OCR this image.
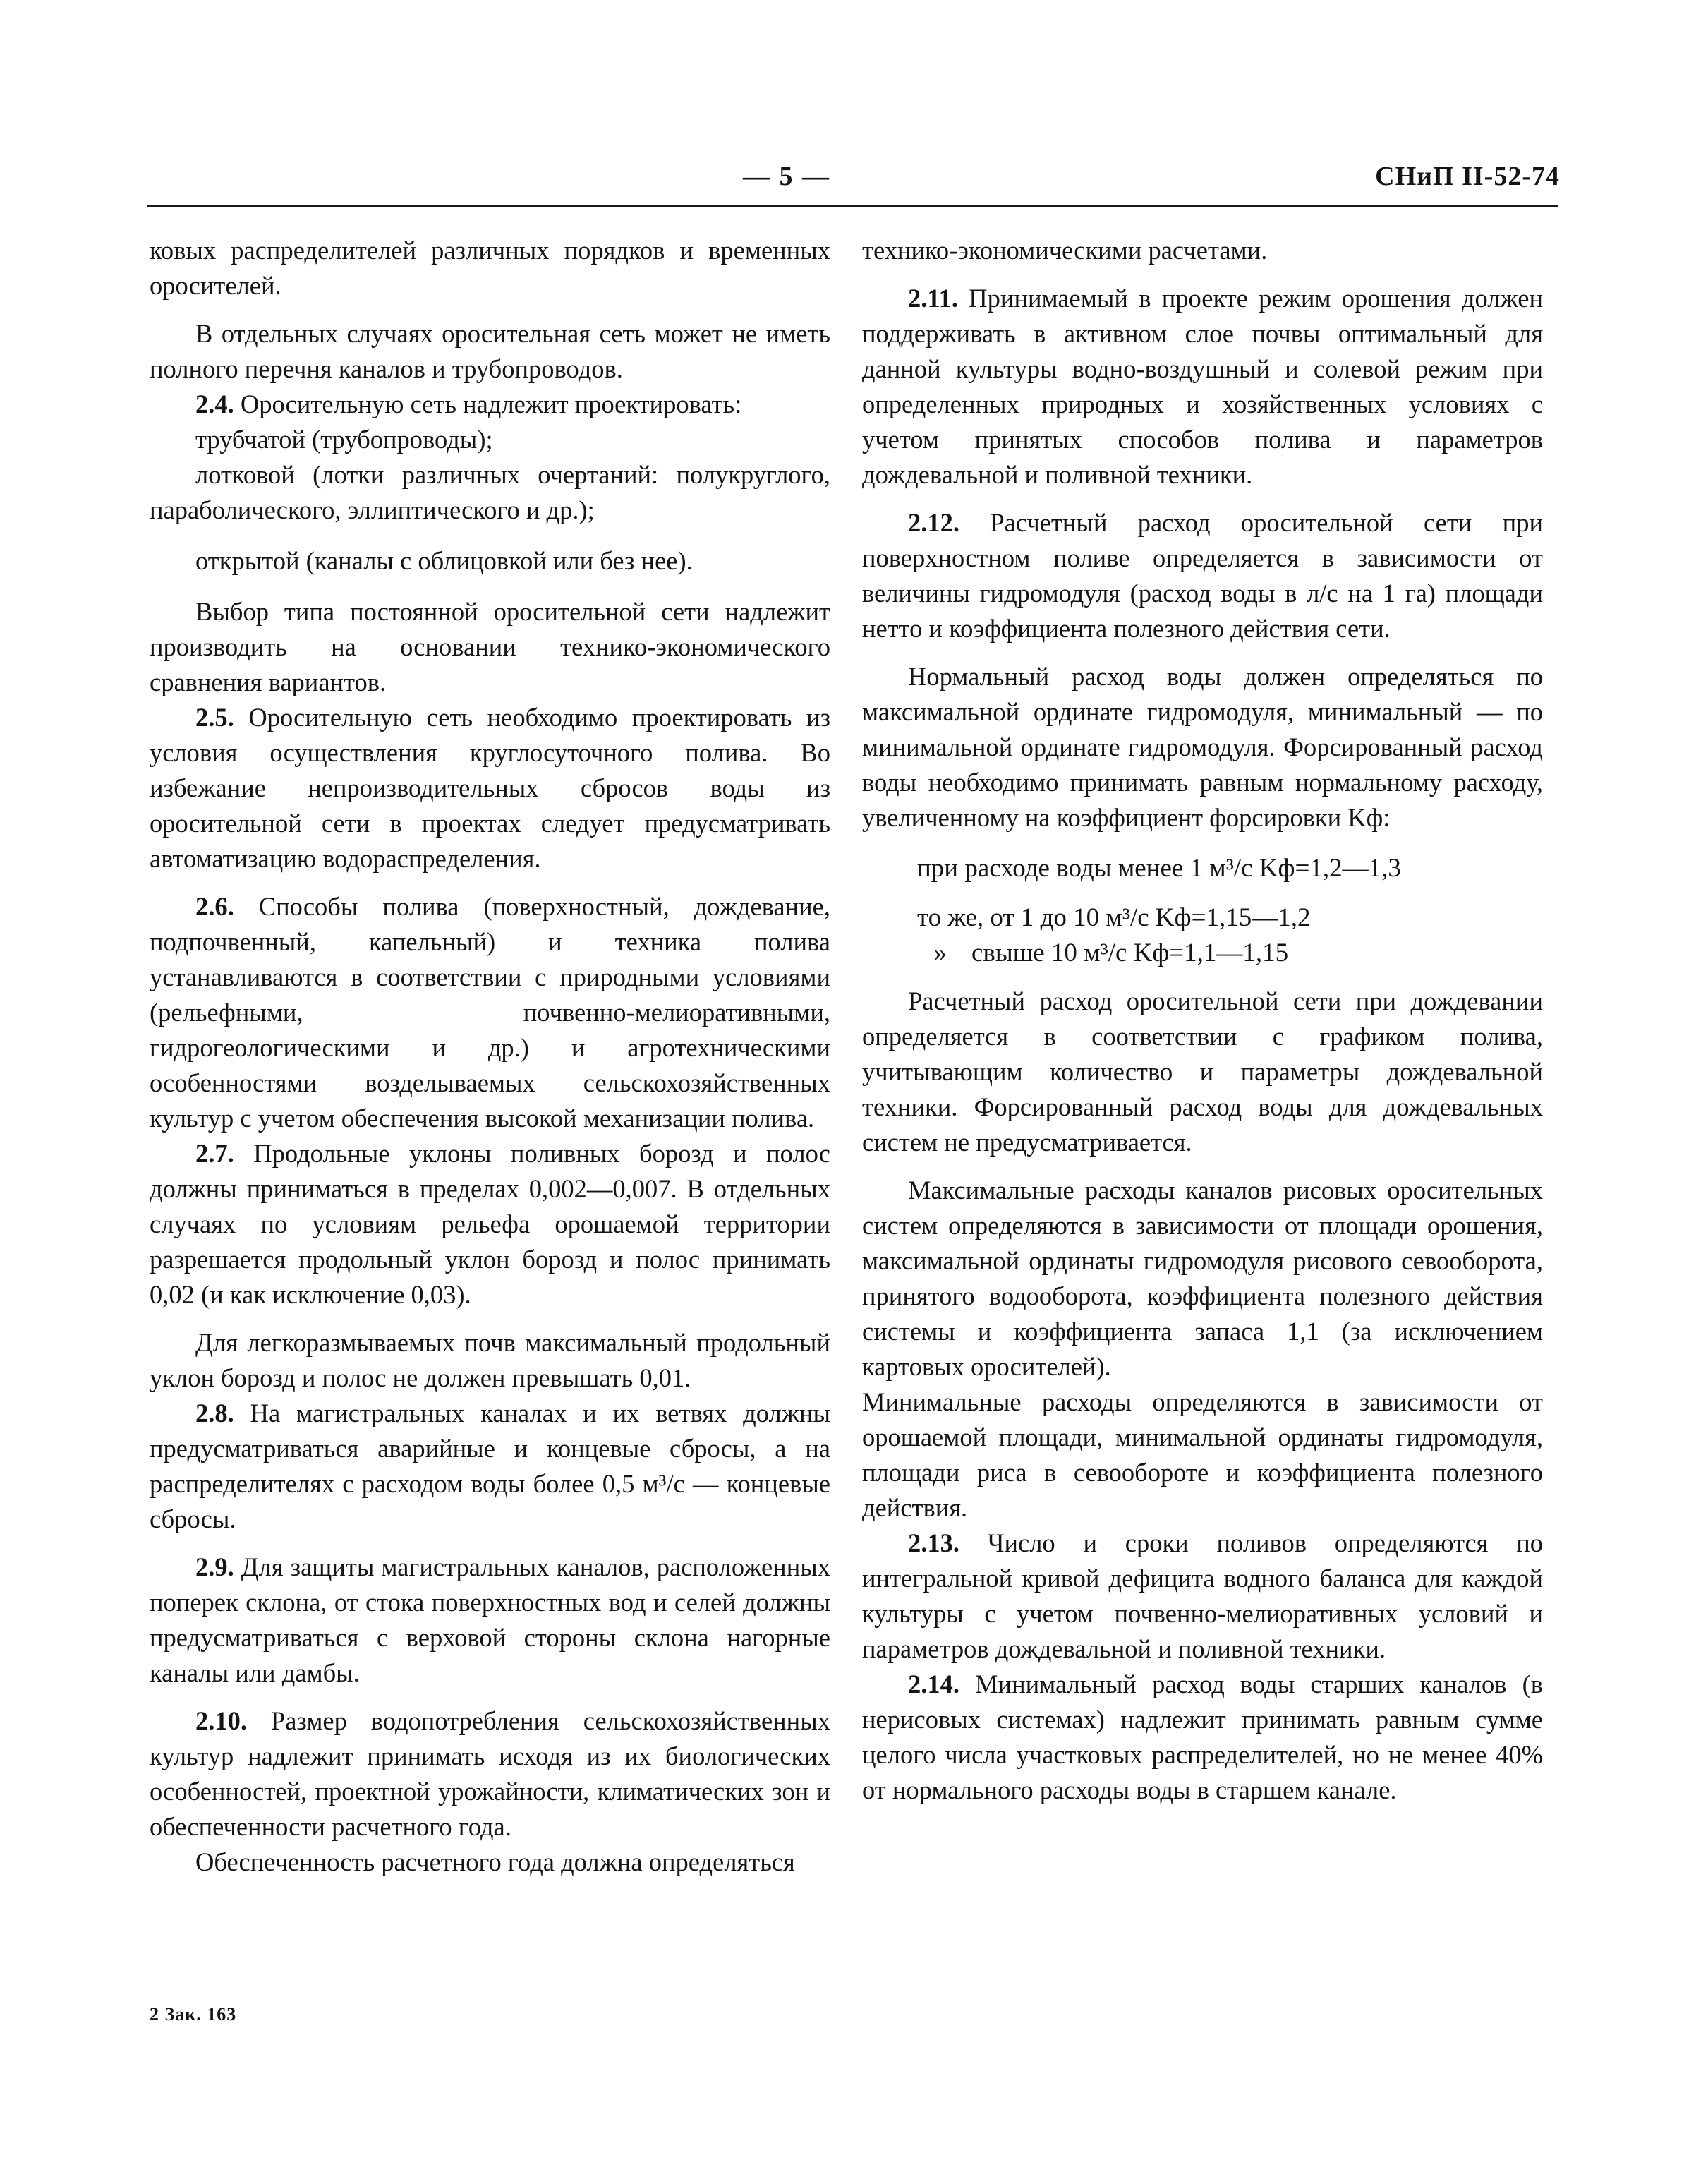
— 5 —	СНиП II-52-74

ковых распределителей различных порядков и временных оросителей.

В отдельных случаях оросительная сеть может не иметь полного перечня каналов и трубопроводов.

2.4. Оросительную сеть надлежит проектировать:

трубчатой (трубопроводы);

лотковой (лотки различных очертаний: полукруглого, параболического, эллиптического и др.);

открытой (каналы с облицовкой или без нее).

Выбор типа постоянной оросительной сети надлежит производить на основании технико-экономического сравнения вариантов.

2.5. Оросительную сеть необходимо проектировать из условия осуществления круглосуточного полива. Во избежание непроизводительных сбросов воды из оросительной сети в проектах следует предусматривать автоматизацию водораспределения.

2.6. Способы полива (поверхностный, дождевание, подпочвенный, капельный) и техника полива устанавливаются в соответствии с природными условиями (рельефными, почвенно-мелиоративными, гидрогеологическими и др.) и агротехническими особенностями возделываемых сельскохозяйственных культур с учетом обеспечения высокой механизации полива.

2.7. Продольные уклоны поливных борозд и полос должны приниматься в пределах 0,002—0,007. В отдельных случаях по условиям рельефа орошаемой территории разрешается продольный уклон борозд и полос принимать 0,02 (и как исключение 0,03).

Для легкоразмываемых почв максимальный продольный уклон борозд и полос не должен превышать 0,01.

2.8. На магистральных каналах и их ветвях должны предусматриваться аварийные и концевые сбросы, а на распределителях с расходом воды более 0,5 м³/с — концевые сбросы.

2.9. Для защиты магистральных каналов, расположенных поперек склона, от стока поверхностных вод и селей должны предусматриваться с верховой стороны склона нагорные каналы или дамбы.

2.10. Размер водопотребления сельскохозяйственных культур надлежит принимать исходя из их биологических особенностей, проектной урожайности, климатических зон и обеспеченности расчетного года.

Обеспеченность расчетного года должна определяться

технико-экономическими расчетами.

2.11. Принимаемый в проекте режим орошения должен поддерживать в активном слое почвы оптимальный для данной культуры водно-воздушный и солевой режим при определенных природных и хозяйственных условиях с учетом принятых способов полива и параметров дождевальной и поливной техники.

2.12. Расчетный расход оросительной сети при поверхностном поливе определяется в зависимости от величины гидромодуля (расход воды в л/с на 1 га) площади нетто и коэффициента полезного действия сети.

Нормальный расход воды должен определяться по максимальной ординате гидромодуля, минимальный — по минимальной ординате гидромодуля. Форсированный расход воды необходимо принимать равным нормальному расходу, увеличенному на коэффициент форсировки Kф:

при расходе воды менее 1 м³/с Kф=1,2—1,3

то же, от 1 до 10 м³/с Kф=1,15—1,2

» свыше 10 м³/с Kф=1,1—1,15

Расчетный расход оросительной сети при дождевании определяется в соответствии с графиком полива, учитывающим количество и параметры дождевальной техники. Форсированный расход воды для дождевальных систем не предусматривается.

Максимальные расходы каналов рисовых оросительных систем определяются в зависимости от площади орошения, максимальной ординаты гидромодуля рисового севооборота, принятого водооборота, коэффициента полезного действия системы и коэффициента запаса 1,1 (за исключением картовых оросителей).

Минимальные расходы определяются в зависимости от орошаемой площади, минимальной ординаты гидромодуля, площади риса в севообороте и коэффициента полезного действия.

2.13. Число и сроки поливов определяются по интегральной кривой дефицита водного баланса для каждой культуры с учетом почвенно-мелиоративных условий и параметров дождевальной и поливной техники.

2.14. Минимальный расход воды старших каналов (в нерисовых системах) надлежит принимать равным сумме целого числа участковых распределителей, но не менее 40% от нормального расходы воды в старшем канале.

2 Зак. 163
